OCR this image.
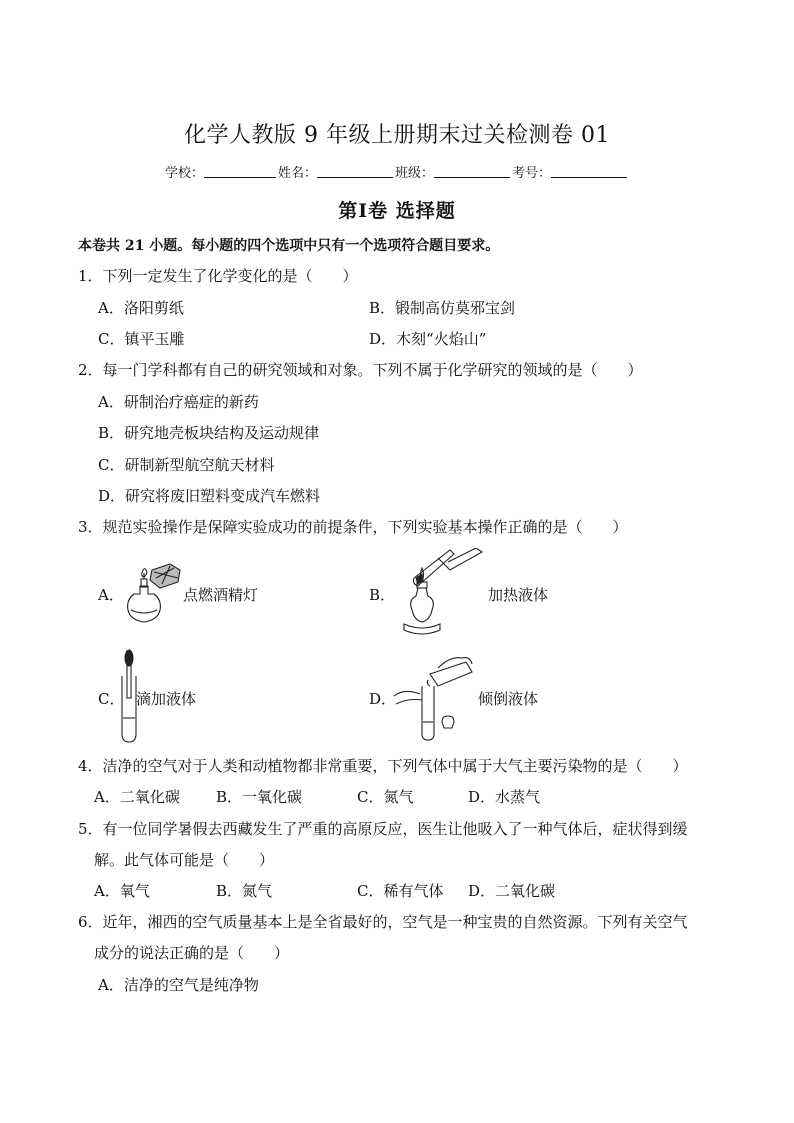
化学人教版 9 年级上册期末过关检测卷 01
学校：	姓名：	班级：	考号：
第Ⅰ卷 选择题
本卷共 21 小题。每小题的四个选项中只有一个选项符合题目要求。
1．下列一定发生了化学变化的是（　　）
A．洛阳剪纸	B．锻制高仿莫邪宝剑
C．镇平玉雕	D．木刻“火焰山”
2．每一门学科都有自己的研究领域和对象。下列不属于化学研究的领域的是（　　）
A．研制治疗癌症的新药
B．研究地壳板块结构及运动规律
C．研制新型航空航天材料
D．研究将废旧塑料变成汽车燃料
3．规范实验操作是保障实验成功的前提条件，下列实验基本操作正确的是（　　）
A．	点燃酒精灯	B．	加热液体
C． 滴加液体	D．	倾倒液体
4．洁净的空气对于人类和动植物都非常重要，下列气体中属于大气主要污染物的是（　　）
A．二氧化碳 B．一氧化碳	C．氮气	D．水蒸气
5．有一位同学暑假去西藏发生了严重的高原反应，医生让他吸入了一种气体后，症状得到缓
解。此气体可能是（　　）
A．氧气	B．氮气	C．稀有气体 D．二氧化碳
6．近年，湘西的空气质量基本上是全省最好的，空气是一种宝贵的自然资源。下列有关空气
成分的说法正确的是（　　）
A．洁净的空气是纯净物
